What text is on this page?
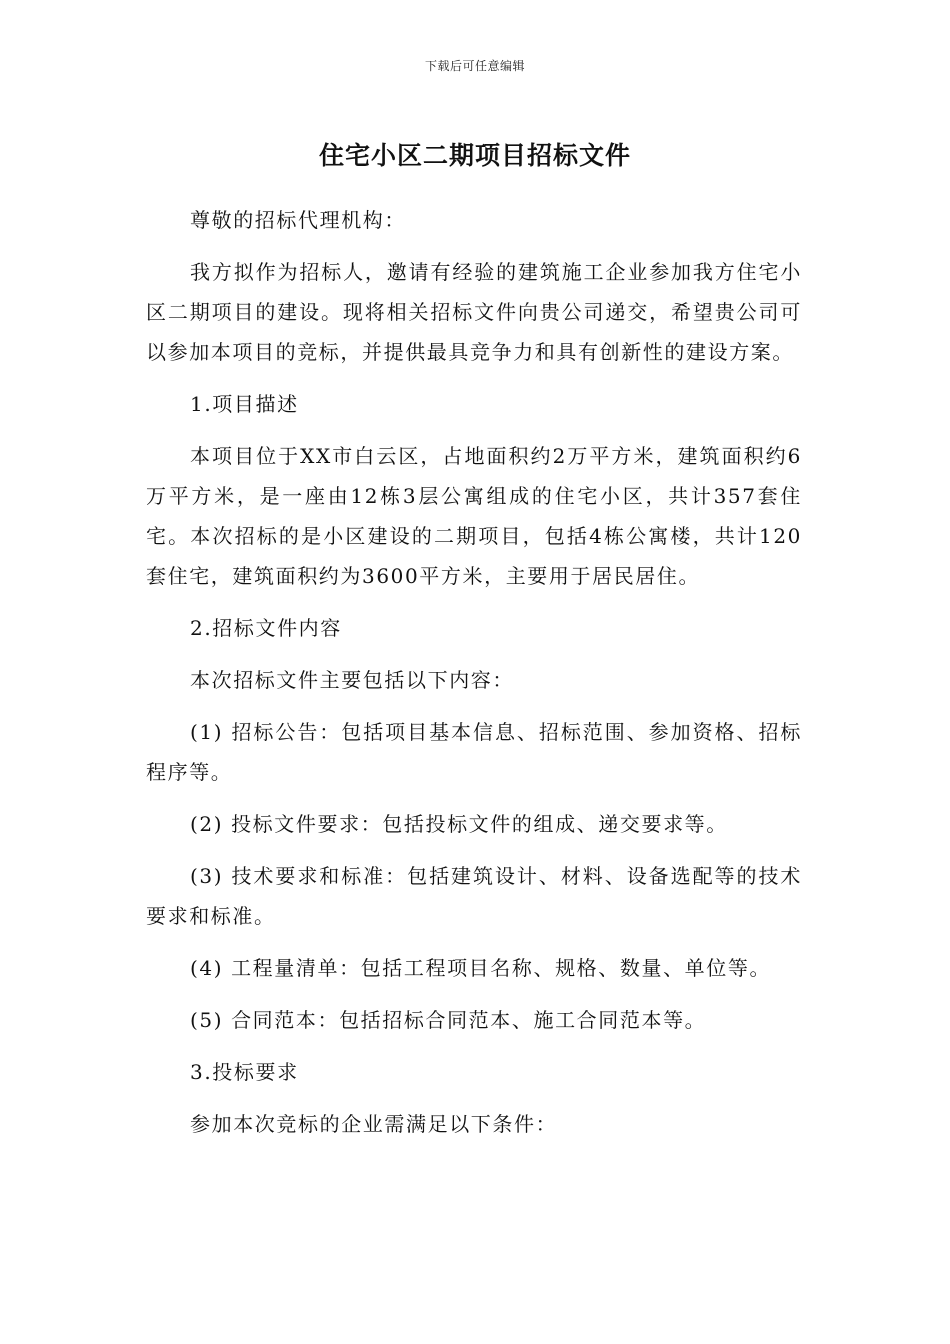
下载后可任意编辑
住宅小区二期项目招标文件

尊敬的招标代理机构：

我方拟作为招标人，邀请有经验的建筑施工企业参加我方住宅小区二期项目的建设。现将相关招标文件向贵公司递交，希望贵公司可以参加本项目的竞标，并提供最具竞争力和具有创新性的建设方案。

1.项目描述

本项目位于XX市白云区，占地面积约2万平方米，建筑面积约6万平方米，是一座由12栋3层公寓组成的住宅小区，共计357套住宅。本次招标的是小区建设的二期项目，包括4栋公寓楼，共计120套住宅，建筑面积约为3600平方米，主要用于居民居住。

2.招标文件内容

本次招标文件主要包括以下内容：

(1) 招标公告：包括项目基本信息、招标范围、参加资格、招标程序等。

(2) 投标文件要求：包括投标文件的组成、递交要求等。

(3) 技术要求和标准：包括建筑设计、材料、设备选配等的技术要求和标准。

(4) 工程量清单：包括工程项目名称、规格、数量、单位等。

(5) 合同范本：包括招标合同范本、施工合同范本等。

3.投标要求

参加本次竞标的企业需满足以下条件：
